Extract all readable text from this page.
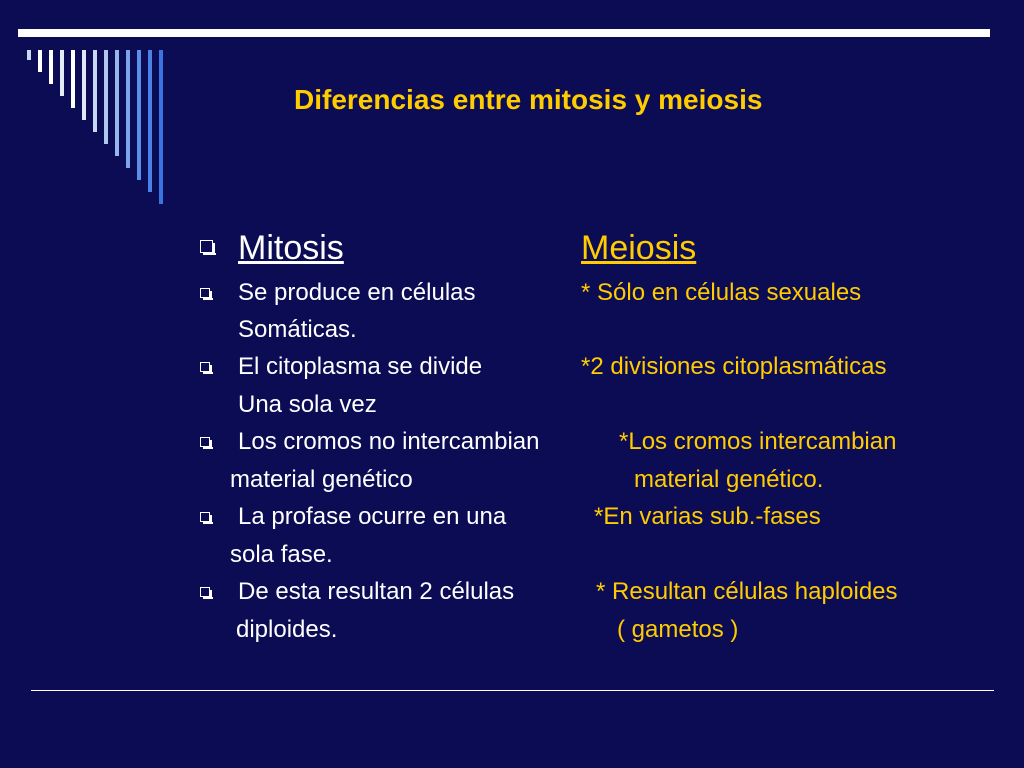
Diferencias entre mitosis y meiosis
Mitosis	Meiosis
Se produce en células
Somáticas.
* Sólo en células sexuales
El citoplasma se divide
Una sola vez
*2 divisiones citoplasmáticas
Los cromos no intercambian
material genético
*Los cromos intercambian
material genético.
La profase ocurre en una
sola fase.
*En varias sub.-fases
De esta resultan 2 células
diploides.
* Resultan células haploides
( gametos )
